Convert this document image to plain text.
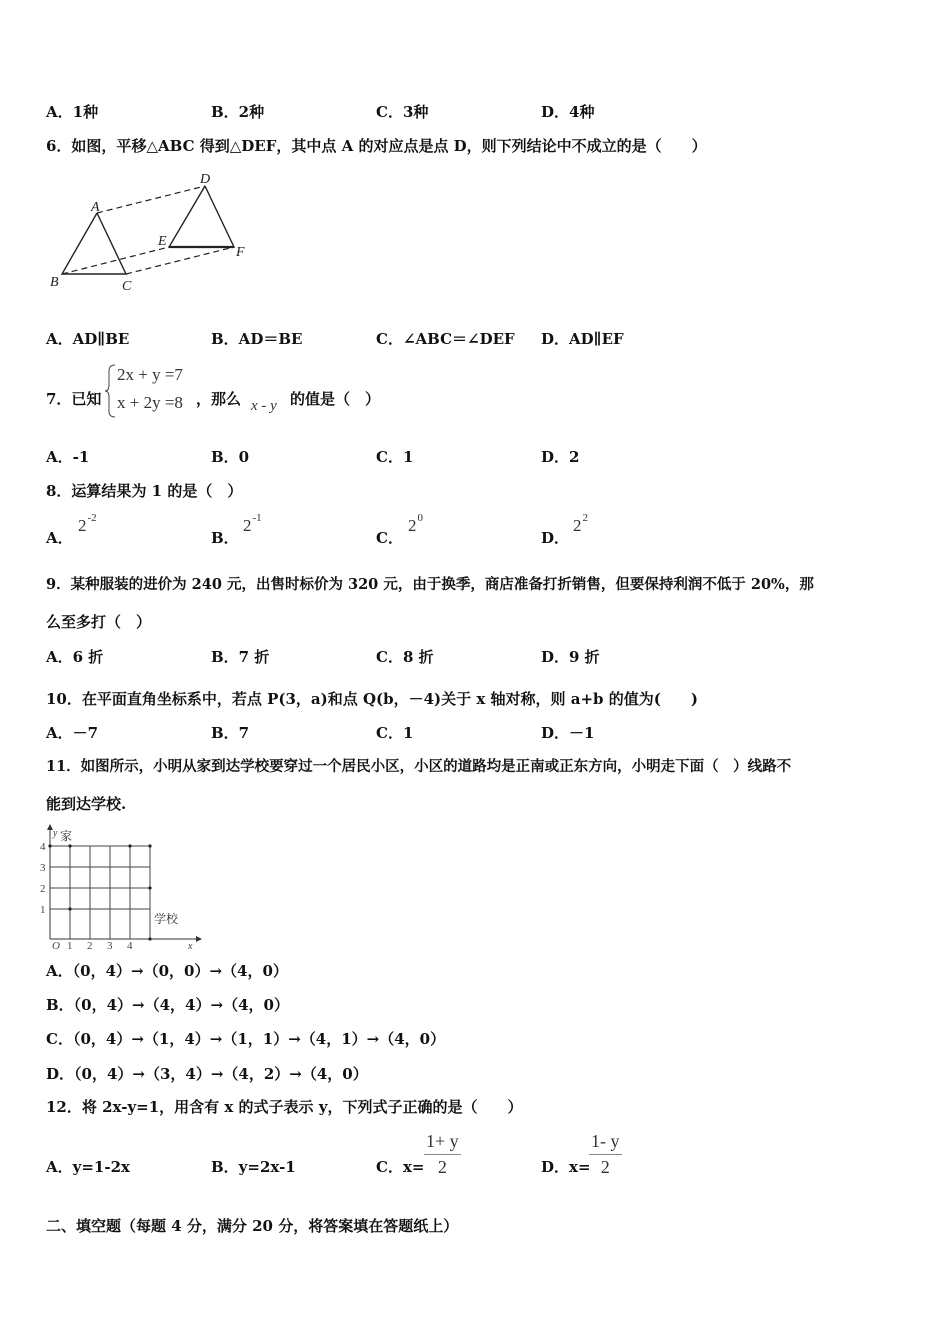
A．1种	B．2种	C．3种	D．4种
6．如图，平移△ABC 得到△DEF，其中点 A 的对应点是点 D，则下列结论中不成立的是（　　）
A
B	C
D
E
F
A．AD∥BE	B．AD＝BE	C．∠ABC＝∠DEF D．AD∥EF
7．已知
2x + y =7
x + 2y =8 ，那么 x - y 的值是（　）
A．-1	B．0	C．1	D．2
8．运算结果为 1 的是（　）
A．
$2^{-2}$
B．
$2^{-1}$
C．
$2^0$
D．
$2^2$
9．某种服装的进价为 240 元，出售时标价为 320 元，由于换季，商店准备打折销售，但要保持利润不低于 20%，那
么至多打（　）
A．6 折	B．7 折	C．8 折	D．9 折
10．在平面直角坐标系中，若点 P(3，a)和点 Q(b，－4)关于 x 轴对称，则 a+b 的值为(　　)
A．－7	B．7	C．1	D．－1
11．如图所示，小明从家到达学校要穿过一个居民小区，小区的道路均是正南或正东方向，小明走下面（　）线路不
能到达学校.
y 家
学校
O	x
1 2 3 4
1
2
3
4
A．（0，4）→（0，0）→（4，0）
B．（0，4）→（4，4）→（4，0）
C．（0，4）→（1，4）→（1，1）→（4，1）→（4，0）
D．（0，4）→（3，4）→（4，2）→（4，0）
12．将 2x-y=1，用含有 x 的式子表示 y，下列式子正确的是（　　）
A．y=1-2x	B．y=2x-1	C．$x= \frac{1+ y}{2}$	D．x=
$\frac{1- y}{2}$
二、填空题（每题 4 分，满分 20 分，将答案填在答题纸上）
